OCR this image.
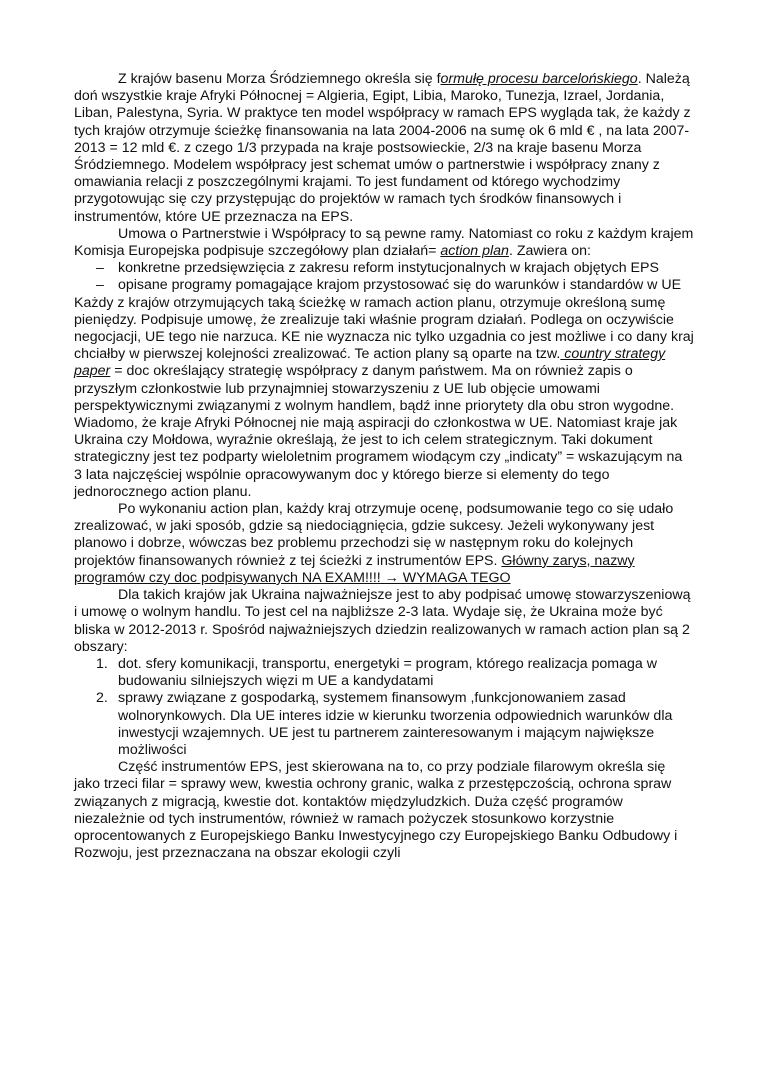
Z krajów basenu Morza Śródziemnego określa się formułę procesu barcelońskiego. Należą doń wszystkie kraje Afryki Północnej = Algieria, Egipt, Libia, Maroko, Tunezja, Izrael, Jordania, Liban, Palestyna, Syria. W praktyce ten model współpracy w ramach EPS wygląda tak, że każdy z tych krajów otrzymuje ścieżkę finansowania na lata 2004-2006 na sumę ok 6 mld € , na lata 2007-2013 = 12 mld €. z czego 1/3 przypada na kraje postsowieckie, 2/3 na kraje basenu Morza Śródziemnego. Modelem współpracy jest schemat umów o partnerstwie i współpracy znany z omawiania relacji z poszczególnymi krajami. To jest fundament od którego wychodzimy przygotowując się czy przystępując do projektów w ramach tych środków finansowych i instrumentów, które UE przeznacza na EPS.

Umowa o Partnerstwie i Współpracy to są pewne ramy. Natomiast co roku z każdym krajem Komisja Europejska podpisuje szczegółowy plan działań= action plan. Zawiera on:

– konkretne przedsięwzięcia z zakresu reform instytucjonalnych w krajach objętych EPS
– opisane programy pomagające krajom przystosować się do warunków i standardów w UE

Każdy z krajów otrzymujących taką ścieżkę w ramach action planu, otrzymuje określoną sumę pieniędzy. Podpisuje umowę, że zrealizuje taki właśnie program działań. Podlega on oczywiście negocjacji, UE tego nie narzuca. KE nie wyznacza nic tylko uzgadnia co jest możliwe i co dany kraj chciałby w pierwszej kolejności zrealizować. Te action plany są oparte na tzw. country strategy paper = doc określający strategię współpracy z danym państwem. Ma on również zapis o przyszłym członkostwie lub przynajmniej stowarzyszeniu z UE lub objęcie umowami perspektywicznymi związanymi z wolnym handlem, bądź inne priorytety dla obu stron wygodne. Wiadomo, że kraje Afryki Północnej nie mają aspiracji do członkostwa w UE. Natomiast kraje jak Ukraina czy Mołdowa, wyraźnie określają, że jest to ich celem strategicznym. Taki dokument strategiczny jest tez podparty wieloletnim programem wiodącym czy „indicaty” = wskazującym na 3 lata najczęściej wspólnie opracowywanym doc y którego bierze si elementy do tego jednorocznego action planu.

Po wykonaniu action plan, każdy kraj otrzymuje ocenę, podsumowanie tego co się udało zrealizować, w jaki sposób, gdzie są niedociągnięcia, gdzie sukcesy. Jeżeli wykonywany jest planowo i dobrze, wówczas bez problemu przechodzi się w następnym roku do kolejnych projektów finansowanych również z tej ścieżki z instrumentów EPS. Główny zarys, nazwy programów czy doc podpisywanych NA EXAM!!!! → WYMAGA TEGO

Dla takich krajów jak Ukraina najważniejsze jest to aby podpisać umowę stowarzyszeniową i umowę o wolnym handlu. To jest cel na najbliższe 2-3 lata. Wydaje się, że Ukraina może być bliska w 2012-2013 r. Spośród najważniejszych dziedzin realizowanych w ramach action plan są 2 obszary:

1. dot. sfery komunikacji, transportu, energetyki = program, którego realizacja pomaga w budowaniu silniejszych więzi m UE a kandydatami
2. sprawy związane z gospodarką, systemem finansowym ,funkcjonowaniem zasad wolnorynkowych. Dla UE interes idzie w kierunku tworzenia odpowiednich warunków dla inwestycji wzajemnych. UE jest tu partnerem zainteresowanym i mającym największe możliwości

Część instrumentów EPS, jest skierowana na to, co przy podziale filarowym określa się jako trzeci filar = sprawy wew, kwestia ochrony granic, walka z przestępczością, ochrona spraw związanych z migracją, kwestie dot. kontaktów międzyludzkich. Duża część programów niezależnie od tych instrumentów, również w ramach pożyczek stosunkowo korzystnie oprocentowanych z Europejskiego Banku Inwestycyjnego czy Europejskiego Banku Odbudowy i Rozwoju, jest przeznaczana na obszar ekologii czyli
